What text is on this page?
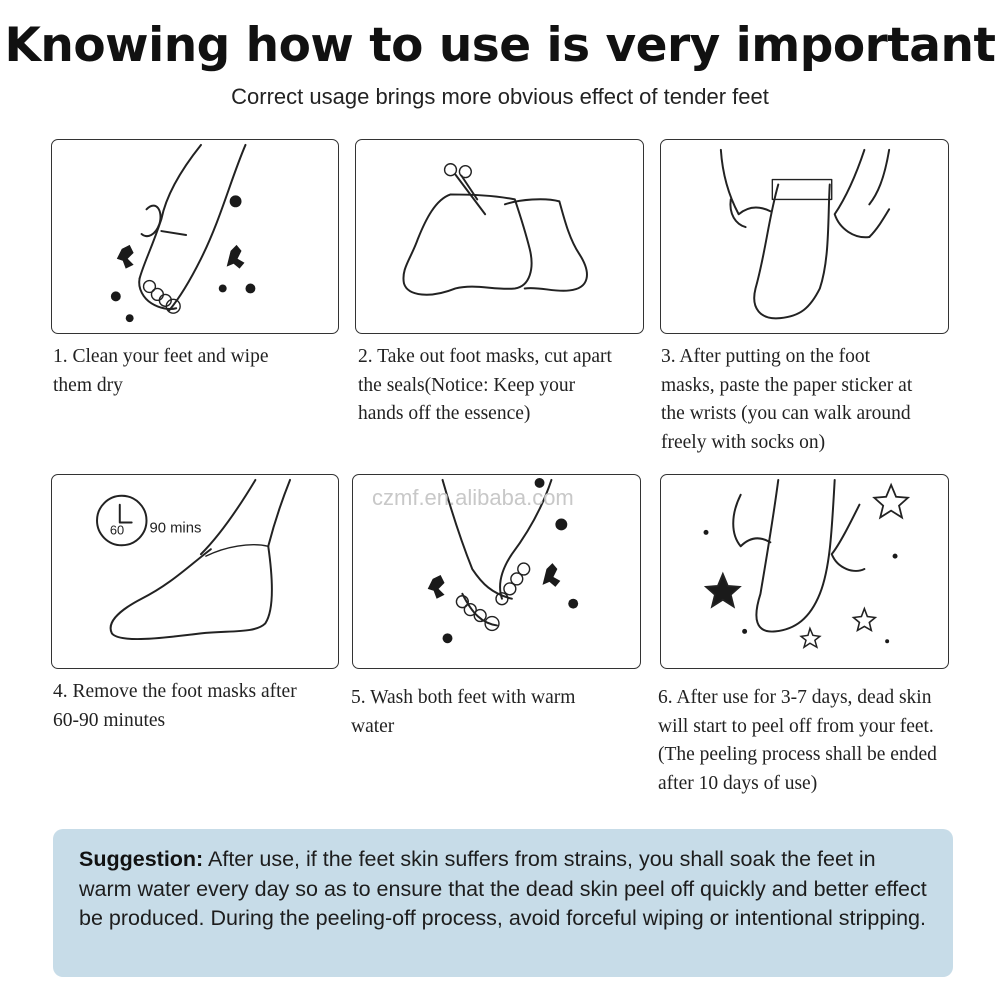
Knowing how to use is very important
Correct usage brings more obvious effect of tender feet
1. Clean your feet and wipe
them dry
2. Take out foot masks, cut apart
the seals(Notice: Keep your
hands off the essence)
3. After putting on the foot
masks, paste the paper sticker at
the wrists (you can walk around
freely with socks on)
60 90 mins
4. Remove the foot masks after
60-90 minutes
5. Wash both feet with warm
water
6. After use for 3-7 days, dead skin
will start to peel off from your feet.
(The peeling process shall be ended
after 10 days of use)
czmf.en.alibaba.com
Suggestion: After use, if the feet skin suffers from strains, you shall soak the feet in warm water every day so as to ensure that the dead skin peel off quickly and better effect be produced. During the peeling-off process, avoid forceful wiping or intentional stripping.
